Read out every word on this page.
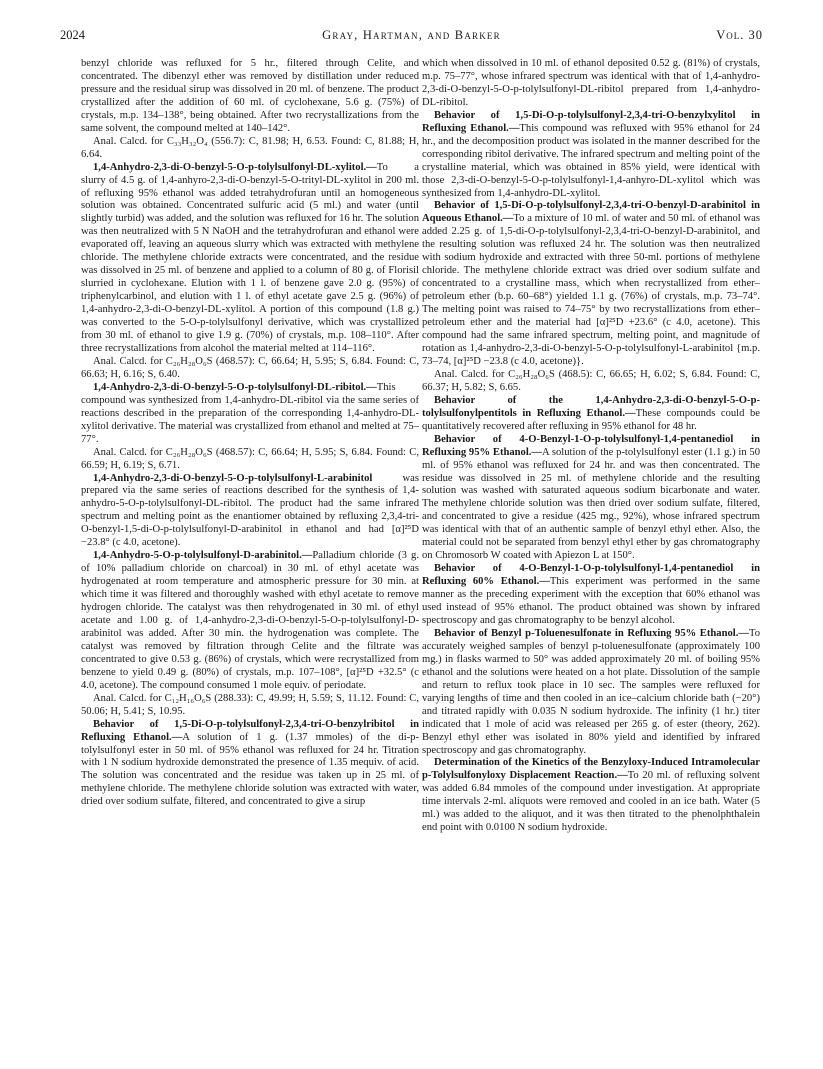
2024	Gray, Hartman, and Barker	Vol. 30

benzyl chloride was refluxed for 5 hr., filtered through Celite, and concentrated. The dibenzyl ether was removed by distillation under reduced pressure and the residual sirup was dissolved in 20 ml. of benzene. The product crystallized after the addition of 60 ml. of cyclohexane, 5.6 g. (75%) of crystals, m.p. 134–138°, being obtained. After two recrystallizations from the same solvent, the compound melted at 140–142°.

Anal. Calcd. for C₃₃H₃₂O₄ (556.7): C, 81.98; H, 6.53. Found: C, 81.88; H, 6.64.

1,4-Anhydro-2,3-di-O-benzyl-5-O-p-tolylsulfonyl-DL-xylitol.—To a slurry of 4.5 g. of 1,4-anhyro-2,3-di-O-benzyl-5-O-trityl-DL-xylitol in 200 ml. of refluxing 95% ethanol was added tetrahydrofuran until an homogeneous solution was obtained. Concentrated sulfuric acid (5 ml.) and water (until slightly turbid) was added, and the solution was refluxed for 16 hr. The solution was then neutralized with 5 N NaOH and the tetrahydrofuran and ethanol were evaporated off, leaving an aqueous slurry which was extracted with methylene chloride. The methylene chloride extracts were concentrated, and the residue was dissolved in 25 ml. of benzene and applied to a column of 80 g. of Florisil slurried in cyclohexane. Elution with 1 l. of benzene gave 2.0 g. (95%) of triphenylcarbinol, and elution with 1 l. of ethyl acetate gave 2.5 g. (96%) of 1,4-anhydro-2,3-di-O-benzyl-DL-xylitol. A portion of this compound (1.8 g.) was converted to the 5-O-p-tolylsulfonyl derivative, which was crystallized from 30 ml. of ethanol to give 1.9 g. (70%) of crystals, m.p. 108–110°. After three recrystallizations from alcohol the material melted at 114–116°.

Anal. Calcd. for C₂₆H₂₈O₆S (468.57): C, 66.64; H, 5.95; S, 6.84. Found: C, 66.63; H, 6.16; S, 6.40.

1,4-Anhydro-2,3-di-O-benzyl-5-O-p-tolylsulfonyl-DL-ribitol.—This compound was synthesized from 1,4-anhydro-DL-ribitol via the same series of reactions described in the preparation of the corresponding 1,4-anhydro-DL-xylitol derivative. The material was crystallized from ethanol and melted at 75–77°.

Anal. Calcd. for C₂₆H₂₈O₆S (468.57): C, 66.64; H, 5.95; S, 6.84. Found: C, 66.59; H, 6.19; S, 6.71.

1,4-Anhydro-2,3-di-O-benzyl-5-O-p-tolylsulfonyl-L-arabinitol	was prepared via the same series of reactions described for the synthesis of 1,4-anhydro-5-O-p-tolylsulfonyl-DL-ribitol. The product had the same infrared spectrum and melting point as the enantiomer obtained by refluxing 2,3,4-tri-O-benzyl-1,5-di-O-p-tolylsulfonyl-D-arabinitol in ethanol and had [α]²⁵D −23.8° (c 4.0, acetone).

1,4-Anhydro-5-O-p-tolylsulfonyl-D-arabinitol.—Palladium chloride (3 g. of 10% palladium chloride on charcoal) in 30 ml. of ethyl acetate was hydrogenated at room temperature and atmospheric pressure for 30 min. at which time it was filtered and thoroughly washed with ethyl acetate to remove hydrogen chloride. The catalyst was then rehydrogenated in 30 ml. of ethyl acetate and 1.00 g. of 1,4-anhydro-2,3-di-O-benzyl-5-O-p-tolylsulfonyl-D-arabinitol was added. After 30 min. the hydrogenation was complete. The catalyst was removed by filtration through Celite and the filtrate was concentrated to give 0.53 g. (86%) of crystals, which were recrystallized from benzene to yield 0.49 g. (80%) of crystals, m.p. 107–108°, [α]²⁵D +32.5° (c 4.0, acetone). The compound consumed 1 mole equiv. of periodate.

Anal. Calcd. for C₁₂H₁₆O₆S (288.33): C, 49.99; H, 5.59; S, 11.12. Found: C, 50.06; H, 5.41; S, 10.95.

Behavior of 1,5-Di-O-p-tolylsulfonyl-2,3,4-tri-O-benzylribitol in Refluxing Ethanol.—A solution of 1 g. (1.37 mmoles) of the di-p-tolylsulfonyl ester in 50 ml. of 95% ethanol was refluxed for 24 hr. Titration with 1 N sodium hydroxide demonstrated the presence of 1.35 mequiv. of acid. The solution was concentrated and the residue was taken up in 25 ml. of methylene chloride. The methylene chloride solution was extracted with water, dried over sodium sulfate, filtered, and concentrated to give a sirup

which when dissolved in 10 ml. of ethanol deposited 0.52 g. (81%) of crystals, m.p. 75–77°, whose infrared spectrum was identical with that of 1,4-anhydro-2,3-di-O-benzyl-5-O-p-tolylsulfonyl-DL-ribitol prepared from 1,4-anhydro-DL-ribitol.

Behavior of 1,5-Di-O-p-tolylsulfonyl-2,3,4-tri-O-benzylxylitol in Refluxing Ethanol.—This compound was refluxed with 95% ethanol for 24 hr., and the decomposition product was isolated in the manner described for the corresponding ribitol derivative. The infrared spectrum and melting point of the crystalline material, which was obtained in 85% yield, were identical with those 2,3-di-O-benzyl-5-O-p-tolylsulfonyl-1,4-anhyro-DL-xylitol which was synthesized from 1,4-anhydro-DL-xylitol.

Behavior of 1,5-Di-O-p-tolylsulfonyl-2,3,4-tri-O-benzyl-D-arabinitol in Aqueous Ethanol.—To a mixture of 10 ml. of water and 50 ml. of ethanol was added 2.25 g. of 1,5-di-O-p-tolylsulfonyl-2,3,4-tri-O-benzyl-D-arabinitol, and the resulting solution was refluxed 24 hr. The solution was then neutralized with sodium hydroxide and extracted with three 50-ml. portions of methylene chloride. The methylene chloride extract was dried over sodium sulfate and concentrated to a crystalline mass, which when recrystallized from ether–petroleum ether (b.p. 60–68°) yielded 1.1 g. (76%) of crystals, m.p. 73–74°. The melting point was raised to 74–75° by two recrystallizations from ether–petroleum ether and the material had [α]²⁵D +23.6° (c 4.0, acetone). This compound had the same infrared spectrum, melting point, and magnitude of rotation as 1,4-anhydro-2,3-di-O-benzyl-5-O-p-tolylsulfonyl-L-arabinitol {m.p. 73–74, [α]²⁵D −23.8 (c 4.0, acetone)}.

Anal. Calcd. for C₂₆H₂₈O₆S (468.5): C, 66.65; H, 6.02; S, 6.84. Found: C, 66.37; H, 5.82; S, 6.65.

Behavior of the 1,4-Anhydro-2,3-di-O-benzyl-5-O-p-tolylsulfonylpentitols in Refluxing Ethanol.—These compounds could be quantitatively recovered after refluxing in 95% ethanol for 48 hr.

Behavior of 4-O-Benzyl-1-O-p-tolylsulfonyl-1,4-pentanediol in Refluxing 95% Ethanol.—A solution of the p-tolylsulfonyl ester (1.1 g.) in 50 ml. of 95% ethanol was refluxed for 24 hr. and was then concentrated. The residue was dissolved in 25 ml. of methylene chloride and the resulting solution was washed with saturated aqueous sodium bicarbonate and water. The methylene chloride solution was then dried over sodium sulfate, filtered, and concentrated to give a residue (425 mg., 92%), whose infrared spectrum was identical with that of an authentic sample of benzyl ethyl ether. Also, the material could not be separated from benzyl ethyl ether by gas chromatography on Chromosorb W coated with Apiezon L at 150°.

Behavior of 4-O-Benzyl-1-O-p-tolylsulfonyl-1,4-pentanediol in Refluxing 60% Ethanol.—This experiment was performed in the same manner as the preceding experiment with the exception that 60% ethanol was used instead of 95% ethanol. The product obtained was shown by infrared spectroscopy and gas chromatography to be benzyl alcohol.

Behavior of Benzyl p-Toluenesulfonate in Refluxing 95% Ethanol.—To accurately weighed samples of benzyl p-toluenesulfonate (approximately 100 mg.) in flasks warmed to 50° was added approximately 20 ml. of boiling 95% ethanol and the solutions were heated on a hot plate. Dissolution of the sample and return to reflux took place in 10 sec. The samples were refluxed for varying lengths of time and then cooled in an ice–calcium chloride bath (−20°) and titrated rapidly with 0.035 N sodium hydroxide. The infinity (1 hr.) titer indicated that 1 mole of acid was released per 265 g. of ester (theory, 262). Benzyl ethyl ether was isolated in 80% yield and identified by infrared spectroscopy and gas chromatography.

Determination of the Kinetics of the Benzyloxy-Induced Intramolecular p-Tolylsulfonyloxy Displacement Reaction.—To 20 ml. of refluxing solvent was added 6.84 mmoles of the compound under investigation. At appropriate time intervals 2-ml. aliquots were removed and cooled in an ice bath. Water (5 ml.) was added to the aliquot, and it was then titrated to the phenolphthalein end point with 0.0100 N sodium hydroxide.
